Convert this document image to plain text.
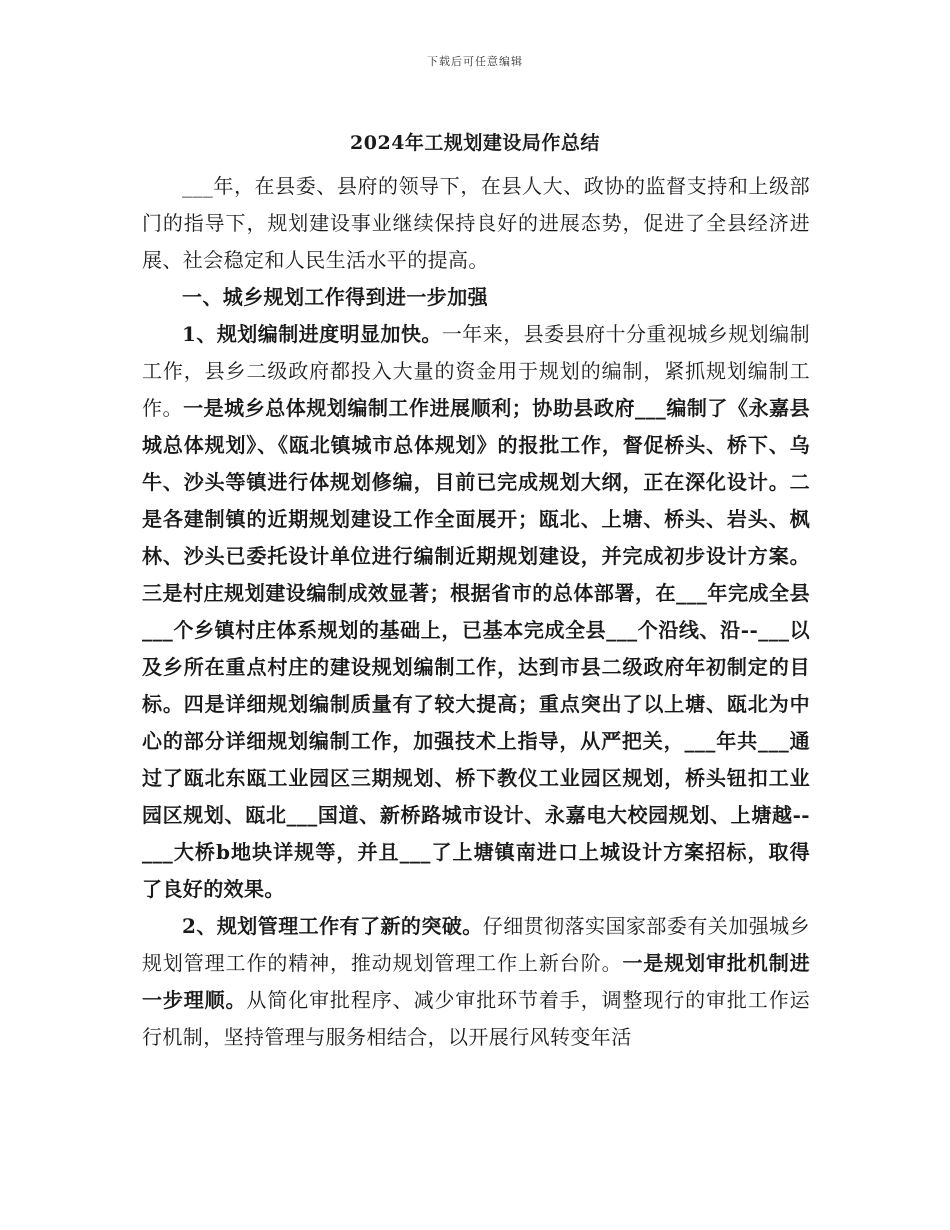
下载后可任意编辑
2024年工规划建设局作总结

___年，在县委、县府的领导下，在县人大、政协的监督支持和上级部门的指导下，规划建设事业继续保持良好的进展态势，促进了全县经济进展、社会稳定和人民生活水平的提高。

一、城乡规划工作得到进一步加强

1、规划编制进度明显加快。一年来，县委县府十分重视城乡规划编制工作，县乡二级政府都投入大量的资金用于规划的编制，紧抓规划编制工作。一是城乡总体规划编制工作进展顺利；协助县政府___编制了《永嘉县城总体规划》、《瓯北镇城市总体规划》的报批工作，督促桥头、桥下、乌牛、沙头等镇进行体规划修编，目前已完成规划大纲，正在深化设计。二是各建制镇的近期规划建设工作全面展开；瓯北、上塘、桥头、岩头、枫林、沙头已委托设计单位进行编制近期规划建设，并完成初步设计方案。三是村庄规划建设编制成效显著；根据省市的总体部署，在___年完成全县___个乡镇村庄体系规划的基础上，已基本完成全县___个沿线、沿--___以及乡所在重点村庄的建设规划编制工作，达到市县二级政府年初制定的目标。四是详细规划编制质量有了较大提高；重点突出了以上塘、瓯北为中心的部分详细规划编制工作，加强技术上指导，从严把关，___年共___通过了瓯北东瓯工业园区三期规划、桥下教仪工业园区规划，桥头钮扣工业园区规划、瓯北___国道、新桥路城市设计、永嘉电大校园规划、上塘越--___大桥b地块详规等，并且___了上塘镇南进口上城设计方案招标，取得了良好的效果。

2、规划管理工作有了新的突破。仔细贯彻落实国家部委有关加强城乡规划管理工作的精神，推动规划管理工作上新台阶。一是规划审批机制进一步理顺。从简化审批程序、减少审批环节着手，调整现行的审批工作运行机制，坚持管理与服务相结合，以开展行风转变年活
